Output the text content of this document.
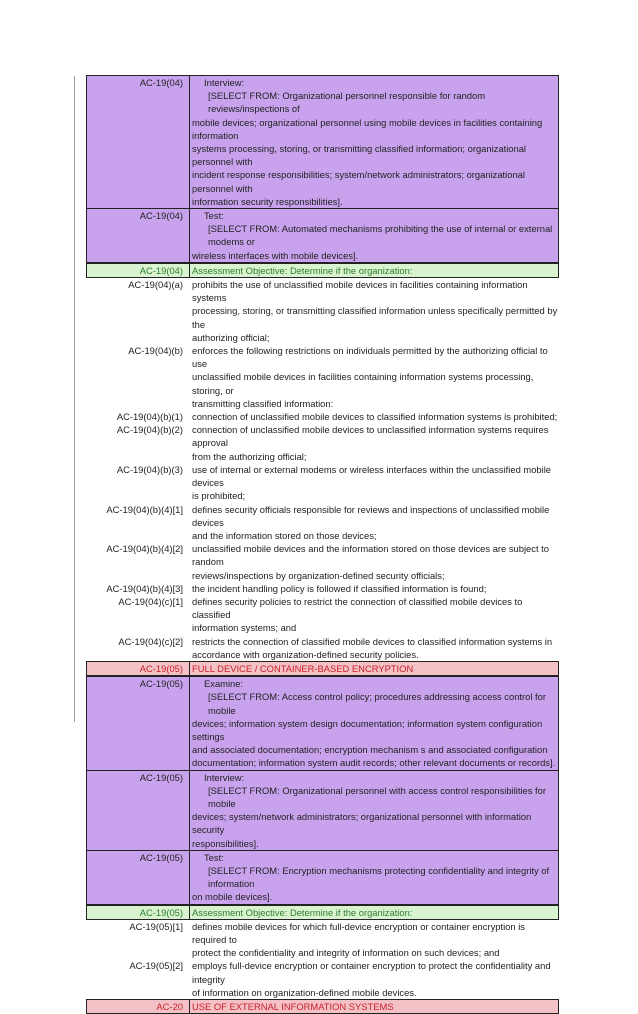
AC-19(04)	Interview:
[SELECT FROM: Organizational personnel responsible for random reviews/inspections of
mobile devices; organizational personnel using mobile devices in facilities containing information
systems processing, storing, or transmitting classified information; organizational personnel with
incident response responsibilities; system/network administrators; organizational personnel with
information security responsibilities].
AC-19(04)	Test:
[SELECT FROM: Automated mechanisms prohibiting the use of internal or external modems or
wireless interfaces with mobile devices].
AC-19(04) Assessment Objective: Determine if the organization:
AC-19(04)(a) prohibits the use of unclassified mobile devices in facilities containing information systems
processing, storing, or transmitting classified information unless specifically permitted by the
authorizing official;
AC-19(04)(b) enforces the following restrictions on individuals permitted by the authorizing official to use
unclassified mobile devices in facilities containing information systems processing, storing, or
transmitting classified information:
AC-19(04)(b)(1) connection of unclassified mobile devices to classified information systems is prohibited;
AC-19(04)(b)(2) connection of unclassified mobile devices to unclassified information systems requires approval
from the authorizing official;
AC-19(04)(b)(3) use of internal or external modems or wireless interfaces within the unclassified mobile devices
is prohibited;
AC-19(04)(b)(4)[1] defines security officials responsible for reviews and inspections of unclassified mobile devices
and the information stored on those devices;
AC-19(04)(b)(4)[2] unclassified mobile devices and the information stored on those devices are subject to random
reviews/inspections by organization-defined security officials;
AC-19(04)(b)(4)[3] the incident handling policy is followed if classified information is found;
AC-19(04)(c)[1] defines security policies to restrict the connection of classified mobile devices to classified
information systems; and
AC-19(04)(c)[2] restricts the connection of classified mobile devices to classified information systems in
accordance with organization-defined security policies.
AC-19(05) FULL DEVICE / CONTAINER-BASED ENCRYPTION
AC-19(05)	Examine:
[SELECT FROM: Access control policy; procedures addressing access control for mobile
devices; information system design documentation; information system configuration settings
and associated documentation; encryption mechanism s and associated configuration
documentation; information system audit records; other relevant documents or records].
AC-19(05)	Interview:
[SELECT FROM: Organizational personnel with access control responsibilities for mobile
devices; system/network administrators; organizational personnel with information security
responsibilities].
AC-19(05)	Test:
[SELECT FROM: Encryption mechanisms protecting confidentiality and integrity of information
on mobile devices].
AC-19(05) Assessment Objective: Determine if the organization:
AC-19(05)[1] defines mobile devices for which full-device encryption or container encryption is required to
protect the confidentiality and integrity of information on such devices; and
AC-19(05)[2] employs full-device encryption or container encryption to protect the confidentiality and integrity
of information on organization-defined mobile devices.
AC-20 USE OF EXTERNAL INFORMATION SYSTEMS
